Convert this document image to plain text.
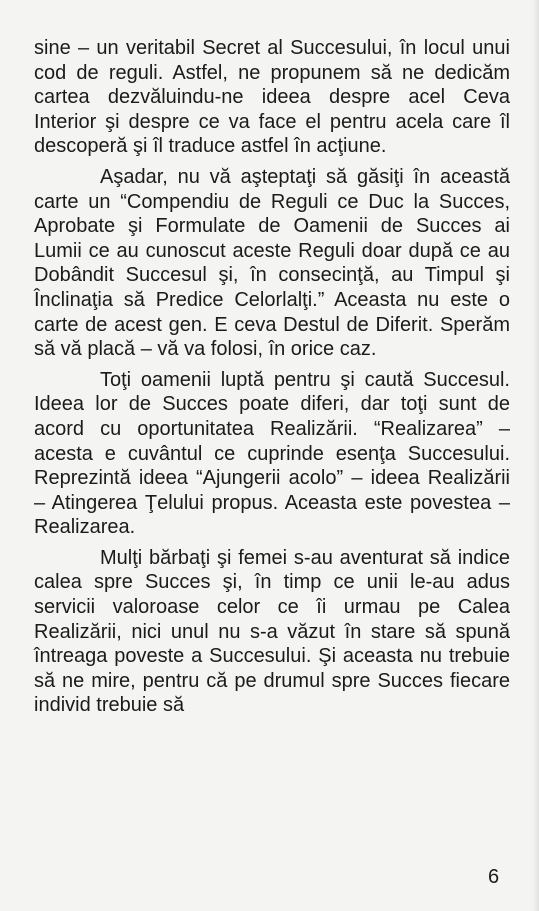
sine – un veritabil Secret al Succesului, în locul unui cod de reguli. Astfel, ne propunem să ne dedicăm cartea dezvăluindu-ne ideea despre acel Ceva Interior şi despre ce va face el pentru acela care îl descoperă şi îl traduce astfel în acţiune.

Aşadar, nu vă aşteptaţi să găsiţi în această carte un “Compendiu de Reguli ce Duc la Succes, Aprobate şi Formulate de Oamenii de Succes ai Lumii ce au cunoscut aceste Reguli doar după ce au Dobândit Succesul şi, în consecinţă, au Timpul şi Înclinaţia să Predice Celorlalţi.” Aceasta nu este o carte de acest gen. E ceva Destul de Diferit. Sperăm să vă placă – vă va folosi, în orice caz.

Toţi oamenii luptă pentru şi caută Succesul. Ideea lor de Succes poate diferi, dar toţi sunt de acord cu oportunitatea Realizării. “Realizarea” – acesta e cuvântul ce cuprinde esenţa Succesului. Reprezintă ideea “Ajungerii acolo” – ideea Realizării – Atingerea Ţelului propus. Aceasta este povestea – Realizarea.

Mulţi bărbaţi şi femei s-au aventurat să indice calea spre Succes şi, în timp ce unii le-au adus servicii valoroase celor ce îi urmau pe Calea Realizării, nici unul nu s-a văzut în stare să spună întreaga poveste a Succesului. Şi aceasta nu trebuie să ne mire, pentru că pe drumul spre Succes fiecare individ trebuie să

6
